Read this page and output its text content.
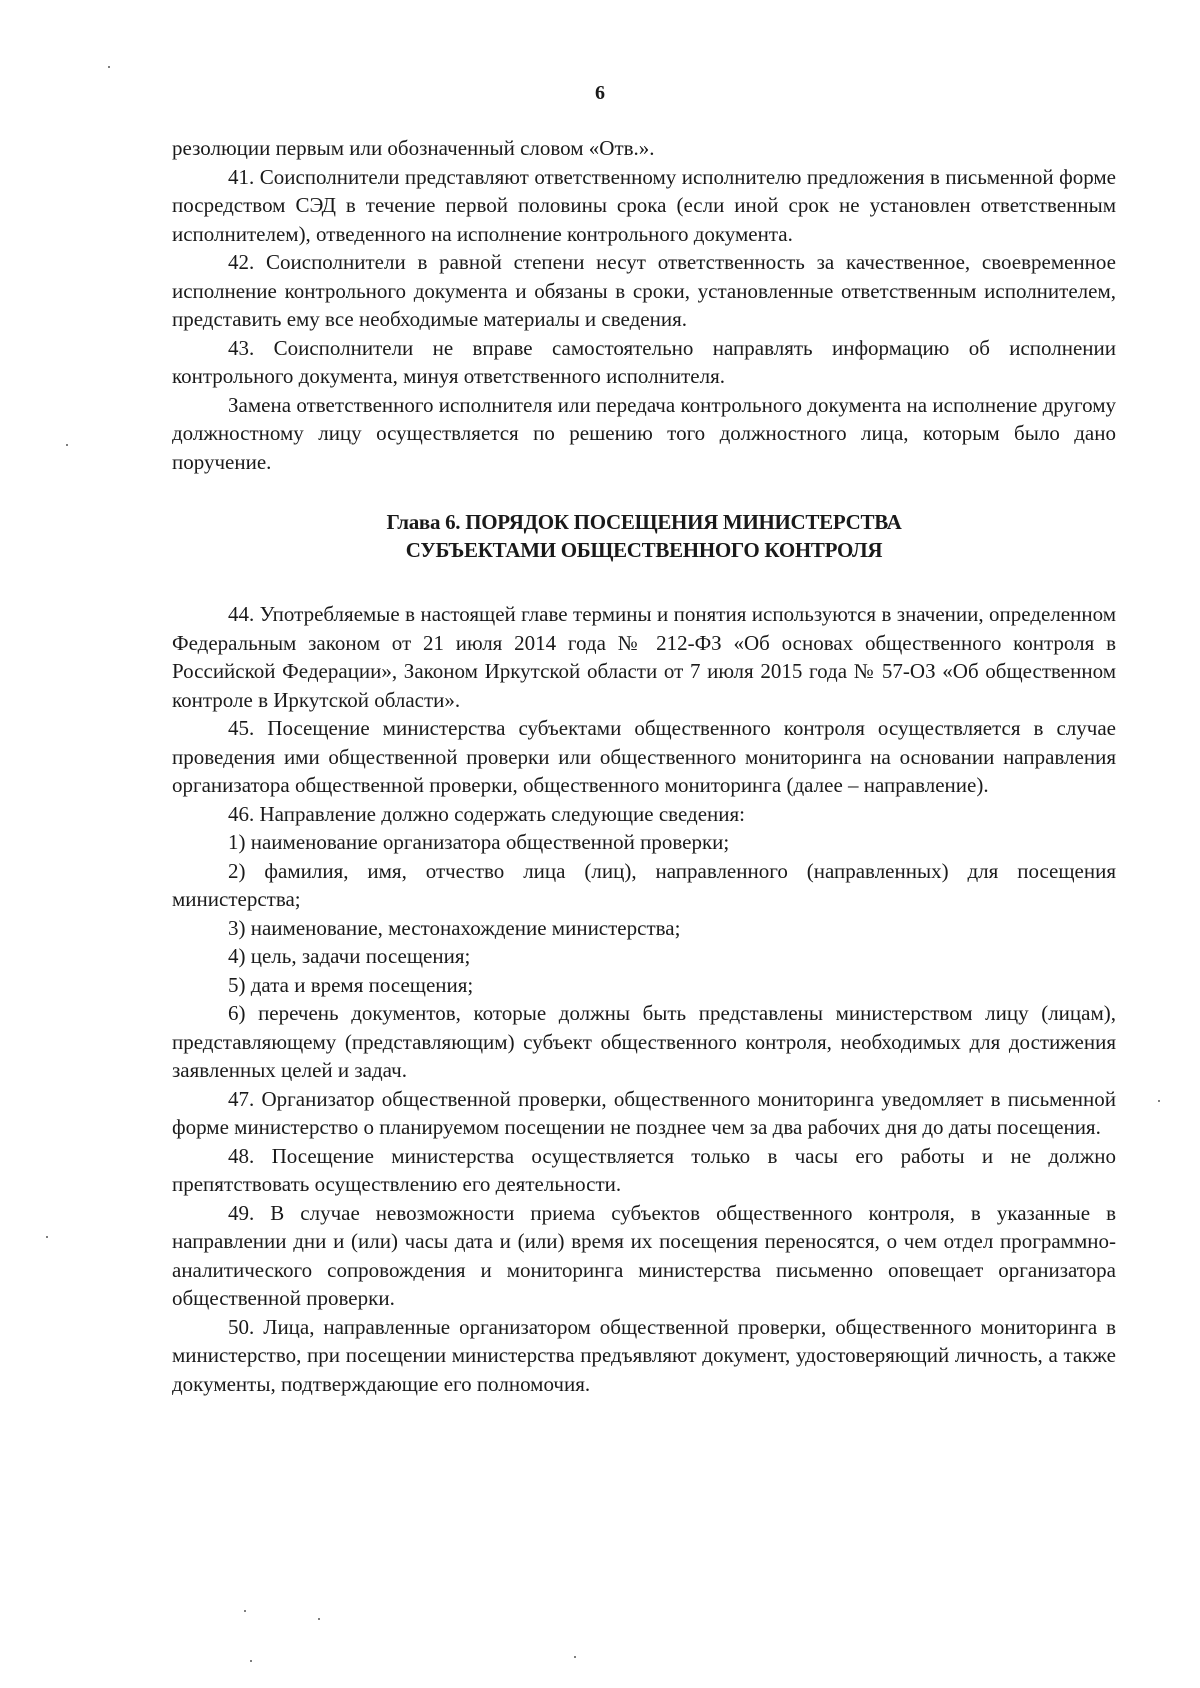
6

резолюции первым или обозначенный словом «Отв.».

41. Соисполнители представляют ответственному исполнителю предложения в письменной форме посредством СЭД в течение первой половины срока (если иной срок не установлен ответственным исполнителем), отведенного на исполнение контрольного документа.

42. Соисполнители в равной степени несут ответственность за качественное, своевременное исполнение контрольного документа и обязаны в сроки, установленные ответственным исполнителем, представить ему все необходимые материалы и сведения.

43. Соисполнители не вправе самостоятельно направлять информацию об исполнении контрольного документа, минуя ответственного исполнителя.

Замена ответственного исполнителя или передача контрольного документа на исполнение другому должностному лицу осуществляется по решению того должностного лица, которым было дано поручение.

Глава 6. ПОРЯДОК ПОСЕЩЕНИЯ МИНИСТЕРСТВА
СУБЪЕКТАМИ ОБЩЕСТВЕННОГО КОНТРОЛЯ

44. Употребляемые в настоящей главе термины и понятия используются в значении, определенном Федеральным законом от 21 июля 2014 года № 212-ФЗ «Об основах общественного контроля в Российской Федерации», Законом Иркутской области от 7 июля 2015 года № 57-ОЗ «Об общественном контроле в Иркутской области».

45. Посещение министерства субъектами общественного контроля осуществляется в случае проведения ими общественной проверки или общественного мониторинга на основании направления организатора общественной проверки, общественного мониторинга (далее – направление).

46. Направление должно содержать следующие сведения:

1) наименование организатора общественной проверки;

2) фамилия, имя, отчество лица (лиц), направленного (направленных) для посещения министерства;

3) наименование, местонахождение министерства;

4) цель, задачи посещения;

5) дата и время посещения;

6) перечень документов, которые должны быть представлены министерством лицу (лицам), представляющему (представляющим) субъект общественного контроля, необходимых для достижения заявленных целей и задач.

47. Организатор общественной проверки, общественного мониторинга уведомляет в письменной форме министерство о планируемом посещении не позднее чем за два рабочих дня до даты посещения.

48. Посещение министерства осуществляется только в часы его работы и не должно препятствовать осуществлению его деятельности.

49. В случае невозможности приема субъектов общественного контроля, в указанные в направлении дни и (или) часы дата и (или) время их посещения переносятся, о чем отдел программно-аналитического сопровождения и мониторинга министерства письменно оповещает организатора общественной проверки.

50. Лица, направленные организатором общественной проверки, общественного мониторинга в министерство, при посещении министерства предъявляют документ, удостоверяющий личность, а также документы, подтверждающие его полномочия.
